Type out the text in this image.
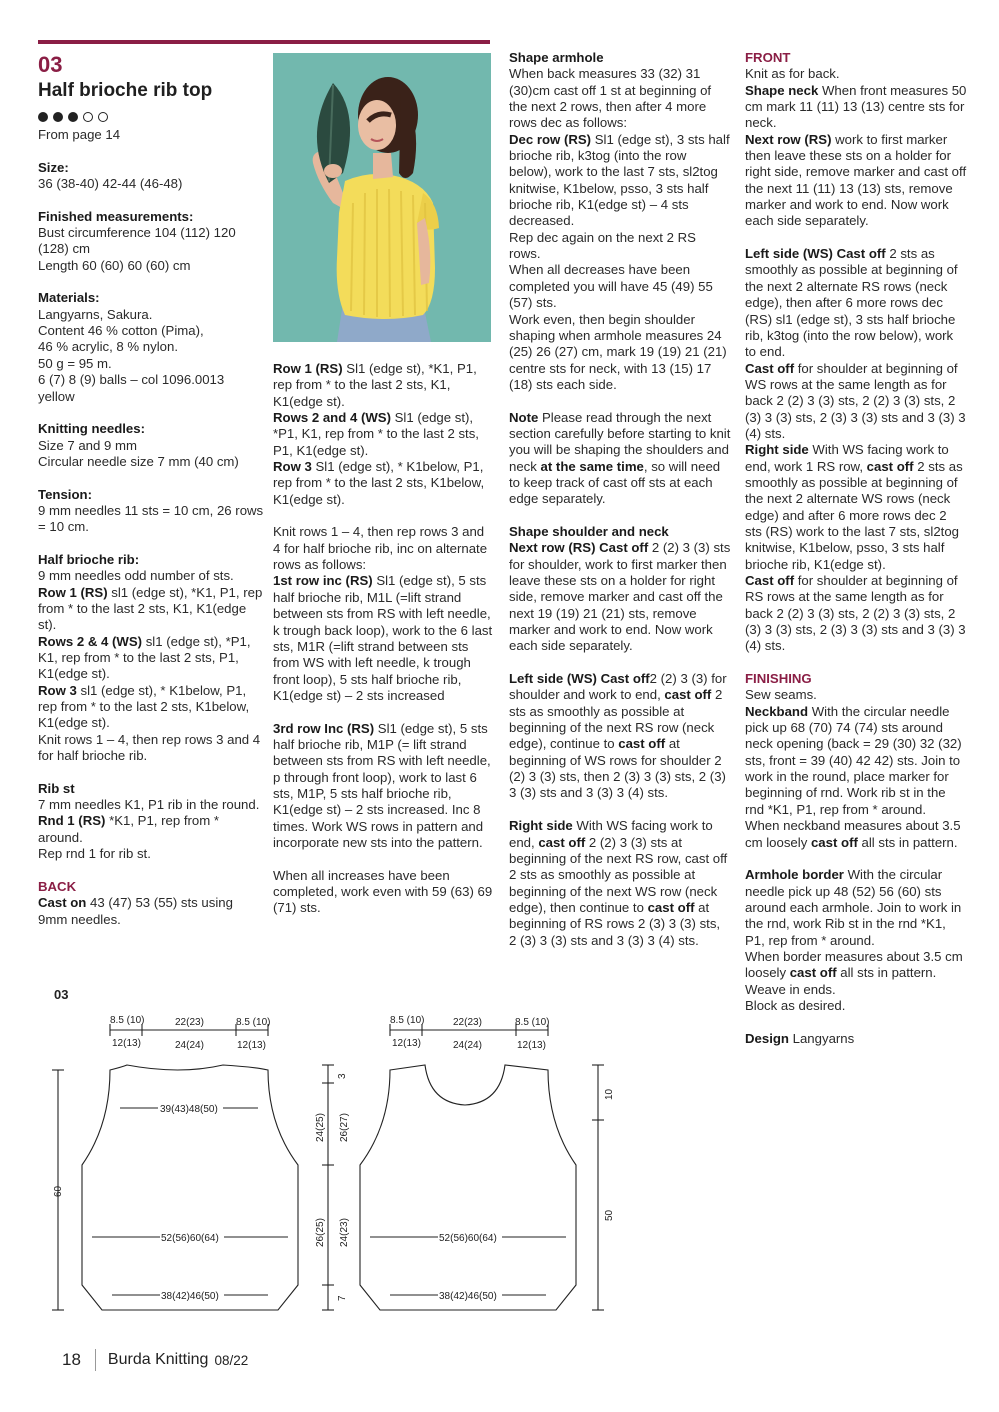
03
Half brioche rib top

From page 14

Size:

36 (38-40) 42-44 (46-48)

Finished measurements:

Bust circumference 104 (112) 120 (128) cm

Length 60 (60) 60 (60) cm

Materials:

Langyarns, Sakura.

Content 46 % cotton (Pima),

46 % acrylic, 8 % nylon.

50 g = 95 m.

6 (7) 8 (9) balls – col 1096.0013 yellow

Knitting needles:

Size 7 and 9 mm

Circular needle size 7 mm (40 cm)

Tension:

9 mm needles 11 sts = 10 cm, 26 rows = 10 cm.

Half brioche rib:

9 mm needles odd number of sts.

Row 1 (RS) sl1 (edge st), *K1, P1, rep from * to the last 2 sts, K1, K1(edge st).

Rows 2 & 4 (WS) sl1 (edge st), *P1, K1, rep from * to the last 2 sts, P1, K1(edge st).

Row 3 sl1 (edge st), * K1below, P1, rep from * to the last 2 sts, K1below, K1(edge st).

Knit rows 1 – 4, then rep rows 3 and 4 for half brioche rib.

Rib st

7 mm needles K1, P1 rib in the round.

Rnd 1 (RS) *K1, P1, rep from * around.

Rep rnd 1 for rib st.

BACK

Cast on 43 (47) 53 (55) sts using 9mm needles.

Row 1 (RS) Sl1 (edge st), *K1, P1, rep from * to the last 2 sts, K1, K1(edge st).

Rows 2 and 4 (WS) Sl1 (edge st), *P1, K1, rep from * to the last 2 sts, P1, K1(edge st).

Row 3 Sl1 (edge st), * K1below, P1, rep from * to the last 2 sts, K1below, K1(edge st).

Knit rows 1 – 4, then rep rows 3 and 4 for half brioche rib, inc on alternate rows as follows:

1st row inc (RS) Sl1 (edge st), 5 sts half brioche rib, M1L (=lift strand between sts from RS with left needle, k trough back loop), work to the 6 last sts, M1R (=lift strand between sts from WS with left needle, k trough front loop), 5 sts half brioche rib, K1(edge st) – 2 sts increased

3rd row Inc (RS) Sl1 (edge st), 5 sts half brioche rib, M1P (= lift strand between sts from RS with left needle, p through front loop), work to last 6 sts, M1P, 5 sts half brioche rib, K1(edge st) – 2 sts increased. Inc 8 times. Work WS rows in pattern and incorporate new sts into the pattern.

When all increases have been completed, work even with 59 (63) 69 (71) sts.

Shape armhole

When back measures 33 (32) 31 (30)cm cast off 1 st at beginning of the next 2 rows, then after 4 more rows dec as follows:

Dec row (RS) Sl1 (edge st), 3 sts half brioche rib, k3tog (into the row below), work to the last 7 sts, sl2tog knitwise, K1below, psso, 3 sts half brioche rib, K1(edge st) – 4 sts decreased.

Rep dec again on the next 2 RS rows.

When all decreases have been completed you will have 45 (49) 55 (57) sts.

Work even, then begin shoulder shaping when armhole measures 24 (25) 26 (27) cm, mark 19 (19) 21 (21) centre sts for neck, with 13 (15) 17 (18) sts each side.

Note Please read through the next section carefully before starting to knit you will be shaping the shoulders and neck at the same time, so will need to keep track of cast off sts at each edge separately.

Shape shoulder and neck

Next row (RS) Cast off 2 (2) 3 (3) sts for shoulder, work to first marker then leave these sts on a holder for right side, remove marker and cast off the next 19 (19) 21 (21) sts, remove marker and work to end. Now work each side separately.

Left side (WS) Cast off2 (2) 3 (3) for shoulder and work to end, cast off 2 sts as smoothly as possible at beginning of the next RS row (neck edge), continue to cast off at beginning of WS rows for shoulder 2 (2) 3 (3) sts, then 2 (3) 3 (3) sts, 2 (3) 3 (3) sts and 3 (3) 3 (4) sts.

Right side With WS facing work to end, cast off 2 (2) 3 (3) sts at beginning of the next RS row, cast off 2 sts as smoothly as possible at beginning of the next WS row (neck edge), then continue to cast off at beginning of RS rows 2 (3) 3 (3) sts, 2 (3) 3 (3) sts and 3 (3) 3 (4) sts.

FRONT

Knit as for back.

Shape neck When front measures 50 cm mark 11 (11) 13 (13) centre sts for neck.

Next row (RS) work to first marker then leave these sts on a holder for right side, remove marker and cast off the next 11 (11) 13 (13) sts, remove marker and work to end. Now work each side separately.

Left side (WS) Cast off 2 sts as smoothly as possible at beginning of the next 2 alternate RS rows (neck edge), then after 6 more rows dec (RS) sl1 (edge st), 3 sts half brioche rib, k3tog (into the row below), work to end.

Cast off for shoulder at beginning of WS rows at the same length as for back 2 (2) 3 (3) sts, 2 (2) 3 (3) sts, 2 (3) 3 (3) sts, 2 (3) 3 (3) sts and 3 (3) 3 (4) sts.

Right side With WS facing work to end, work 1 RS row, cast off 2 sts as smoothly as possible at beginning of the next 2 alternate WS rows (neck edge) and after 6 more rows dec 2 sts (RS) work to the last 7 sts, sl2tog knitwise, K1below, psso, 3 sts half brioche rib, K1(edge st).

Cast off for shoulder at beginning of RS rows at the same length as for back 2 (2) 3 (3) sts, 2 (2) 3 (3) sts, 2 (3) 3 (3) sts, 2 (3) 3 (3) sts and 3 (3) 3 (4) sts.

FINISHING

Sew seams.

Neckband With the circular needle pick up 68 (70) 74 (74) sts around neck opening (back = 29 (30) 32 (32) sts, front = 39 (40) 42 42) sts. Join to work in the round, place marker for beginning of rnd. Work rib st in the rnd *K1, P1, rep from * around.

When neckband measures about 3.5 cm loosely cast off all sts in pattern.

Armhole border With the circular needle pick up 48 (52) 56 (60) sts around each armhole. Join to work in the rnd, work Rib st in the rnd *K1, P1, rep from * around.

When border measures about 3.5 cm loosely cast off all sts in pattern.

Weave in ends.

Block as desired.

Design Langyarns

03
8.5 (10)	22(23)	8.5 (10)
12(13)	24(24)	12(13)
39(43)48(50)
52(56)60(64)
38(42)46(50)
60
3
24(25) 26(27)
26(25) 24(23)
7
8.5 (10)	22(23)	8.5 (10)
12(13)	24(24)	12(13)
52(56)60(64)
38(42)46(50)
10
50
18 Burda Knitting 08/22
